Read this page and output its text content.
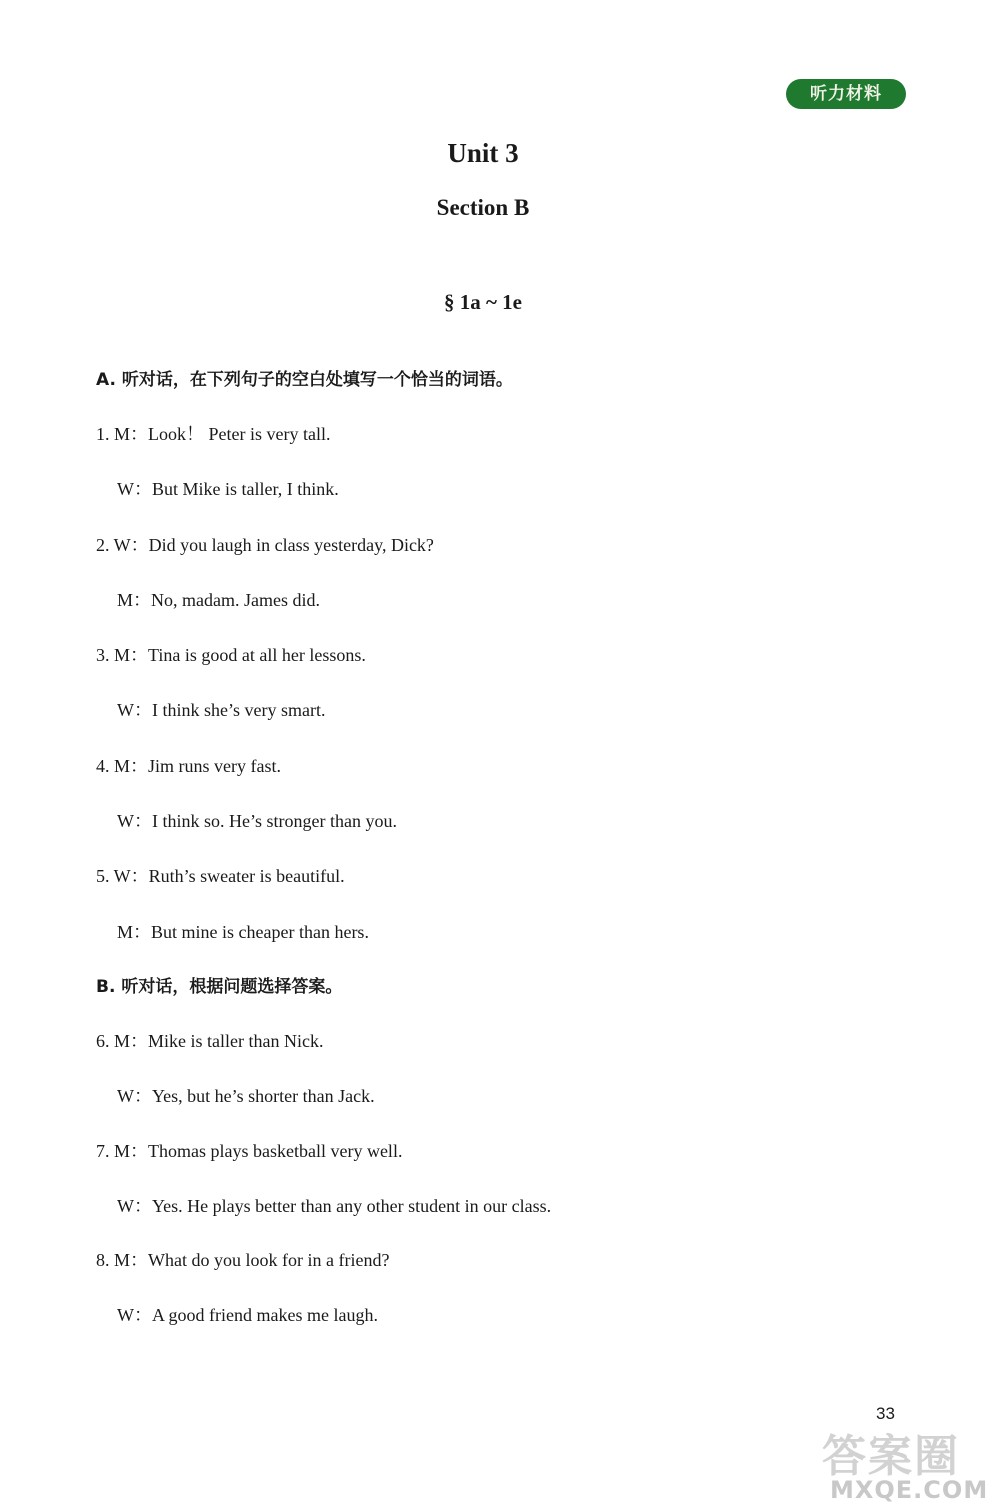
听力材料
Unit 3
Section B
§ 1a ~ 1e
A. 听对话，在下列句子的空白处填写一个恰当的词语。
1. M：Look！ Peter is very tall.
W：But Mike is taller, I think.
2. W：Did you laugh in class yesterday, Dick?
M：No, madam. James did.
3. M：Tina is good at all her lessons.
W：I think she’s very smart.
4. M：Jim runs very fast.
W：I think so. He’s stronger than you.
5. W：Ruth’s sweater is beautiful.
M：But mine is cheaper than hers.
B. 听对话，根据问题选择答案。
6. M：Mike is taller than Nick.
W：Yes, but he’s shorter than Jack.
7. M：Thomas plays basketball very well.
W：Yes. He plays better than any other student in our class.
8. M：What do you look for in a friend?
W：A good friend makes me laugh.
33
答案圈
MXQE.COM
